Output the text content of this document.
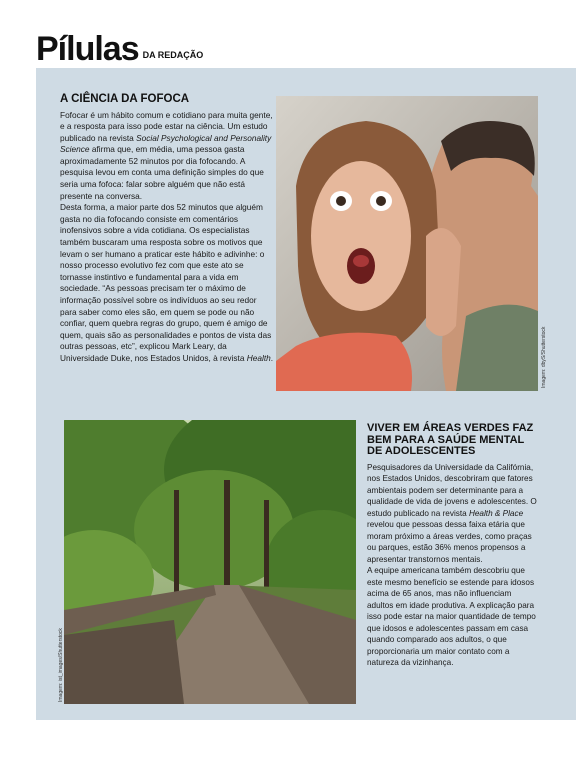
Pílulas DA REDAÇÃO
A CIÊNCIA DA FOFOCA

Fofocar é um hábito comum e cotidiano para muita gente, e a resposta para isso pode estar na ciência. Um estudo publicado na revista Social Psychological and Personality Science afirma que, em média, uma pessoa gasta aproximadamente 52 minutos por dia fofocando. A pesquisa levou em conta uma definição simples do que seria uma fofoca: falar sobre alguém que não está presente na conversa.

Desta forma, a maior parte dos 52 minutos que alguém gasta no dia fofocando consiste em comentários inofensivos sobre a vida cotidiana. Os especialistas também buscaram uma resposta sobre os motivos que levam o ser humano a praticar este hábito e adivinhe: o nosso processo evolutivo fez com que este ato se tornasse instintivo e fundamental para a vida em sociedade. “As pessoas precisam ter o máximo de informação possível sobre os indivíduos ao seu redor para saber como eles são, em quem se pode ou não confiar, quem quebra regras do grupo, quem é amigo de quem, quais são as personalidades e pontos de vista das outras pessoas, etc”, explicou Mark Leary, da Universidade Duke, nos Estados Unidos, à revista Health.	Imagem: dbyS/Shutterstock
Imagem: ist_images/Shutterstock
VIVER EM ÁREAS VERDES FAZ BEM PARA A SAÚDE MENTAL DE ADOLESCENTES

Pesquisadores da Universidade da Califórnia, nos Estados Unidos, descobriram que fatores ambientais podem ser determinante para a qualidade de vida de jovens e adolescentes. O estudo publicado na revista Health & Place revelou que pessoas dessa faixa etária que moram próximo a áreas verdes, como praças ou parques, estão 36% menos propensos a apresentar transtornos mentais.

A equipe americana também descobriu que este mesmo benefício se estende para idosos acima de 65 anos, mas não influenciam adultos em idade produtiva. A explicação para isso pode estar na maior quantidade de tempo que idosos e adolescentes passam em casa quando comparado aos adultos, o que proporcionaria um maior contato com a natureza da vizinhança.
